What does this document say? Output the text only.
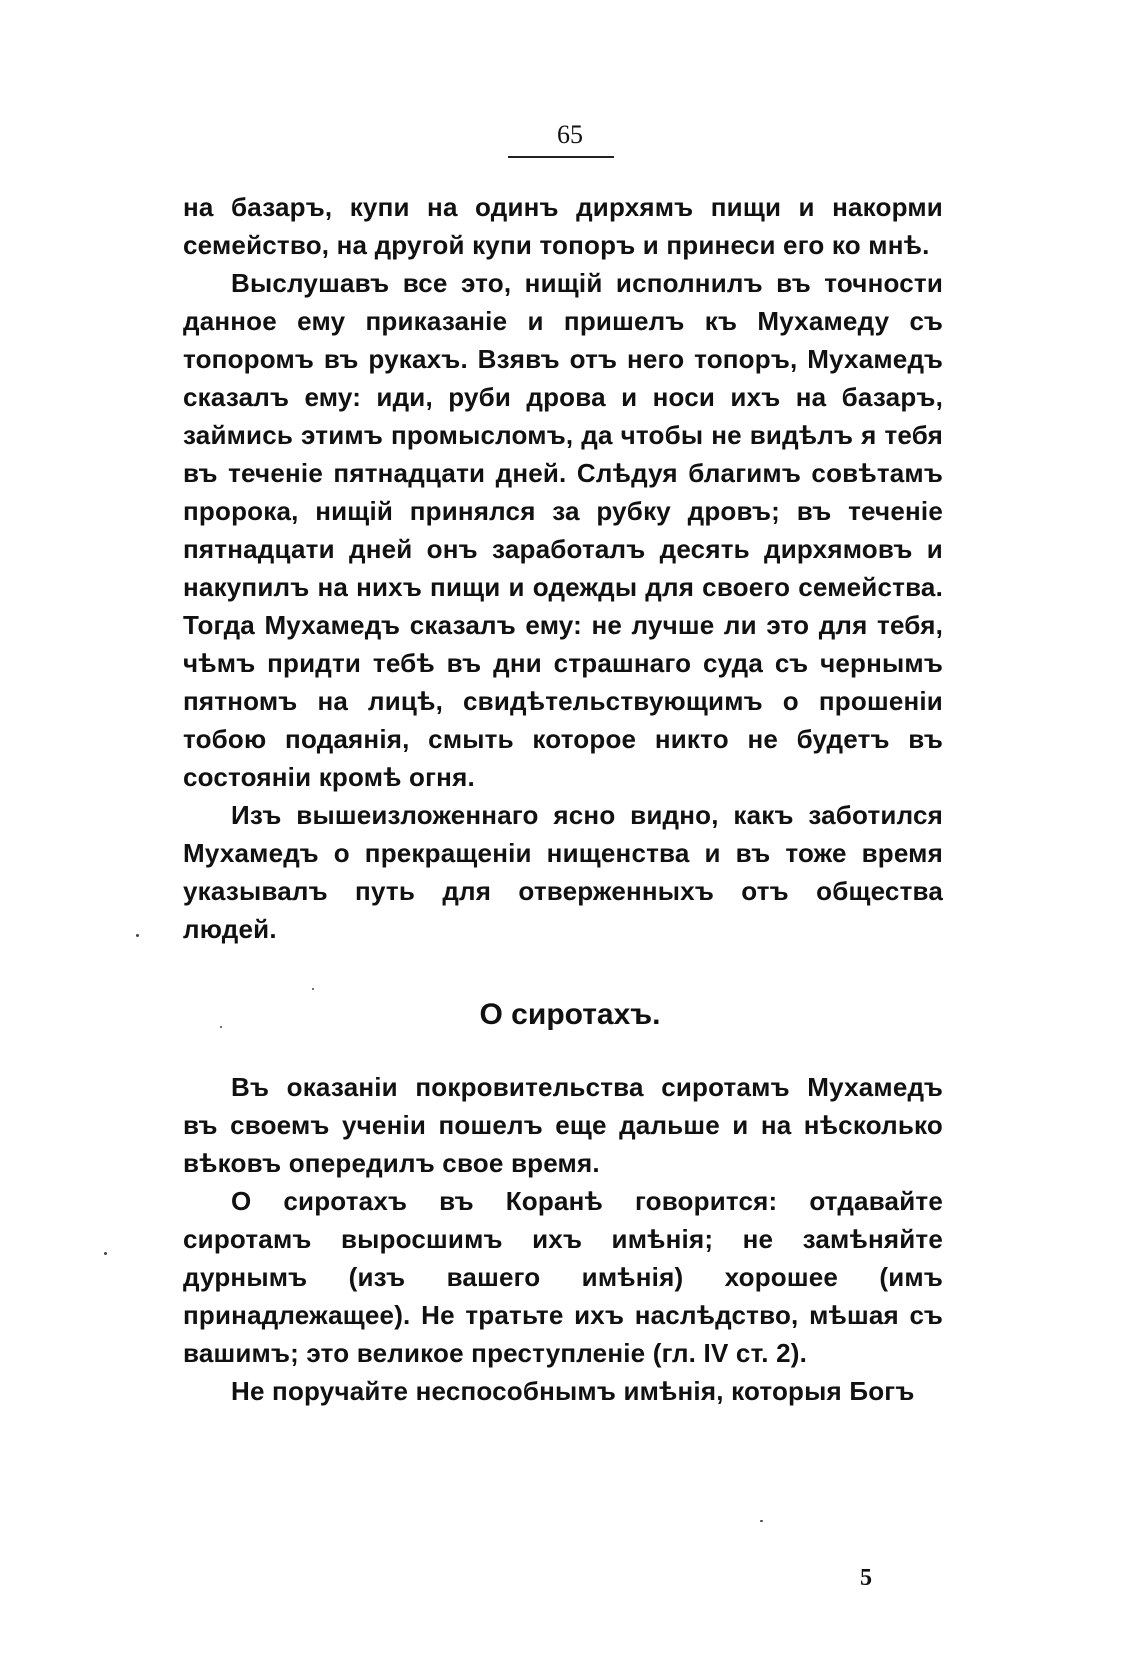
65

на базаръ, купи на одинъ дирхямъ пищи и накорми семейство, на другой купи топоръ и принеси его ко мнѣ.

Выслушавъ все это, нищій исполнилъ въ точности данное ему приказаніе и пришелъ къ Мухамеду съ топоромъ въ рукахъ. Взявъ отъ него топоръ, Мухамедъ сказалъ ему: иди, руби дрова и носи ихъ на базаръ, займись этимъ промысломъ, да чтобы не видѣлъ я тебя въ теченіе пятнадцати дней. Слѣдуя благимъ совѣтамъ пророка, нищій принялся за рубку дровъ; въ теченіе пятнадцати дней онъ заработалъ десять дирхямовъ и накупилъ на нихъ пищи и одежды для своего семейства. Тогда Мухамедъ сказалъ ему: не лучше ли это для тебя, чѣмъ придти тебѣ въ дни страшнаго суда съ чернымъ пятномъ на лицѣ, свидѣтельствующимъ о прошеніи тобою подаянія, смыть которое никто не будетъ въ состояніи кромѣ огня.

Изъ вышеизложеннаго ясно видно, какъ заботился Мухамедъ о прекращеніи нищенства и въ тоже время указывалъ путь для отверженныхъ отъ общества людей.

О сиротахъ.

Въ оказаніи покровительства сиротамъ Мухамедъ въ своемъ ученіи пошелъ еще дальше и на нѣсколько вѣковъ опередилъ свое время.

О сиротахъ въ Коранѣ говорится: отдавайте сиротамъ выросшимъ ихъ имѣнія; не замѣняйте дурнымъ (изъ вашего имѣнія) хорошее (имъ принадлежащее). Не тратьте ихъ наслѣдство, мѣшая съ вашимъ; это великое преступленіе (гл. IV ст. 2).

Не поручайте неспособнымъ имѣнія, которыя Богъ

5
